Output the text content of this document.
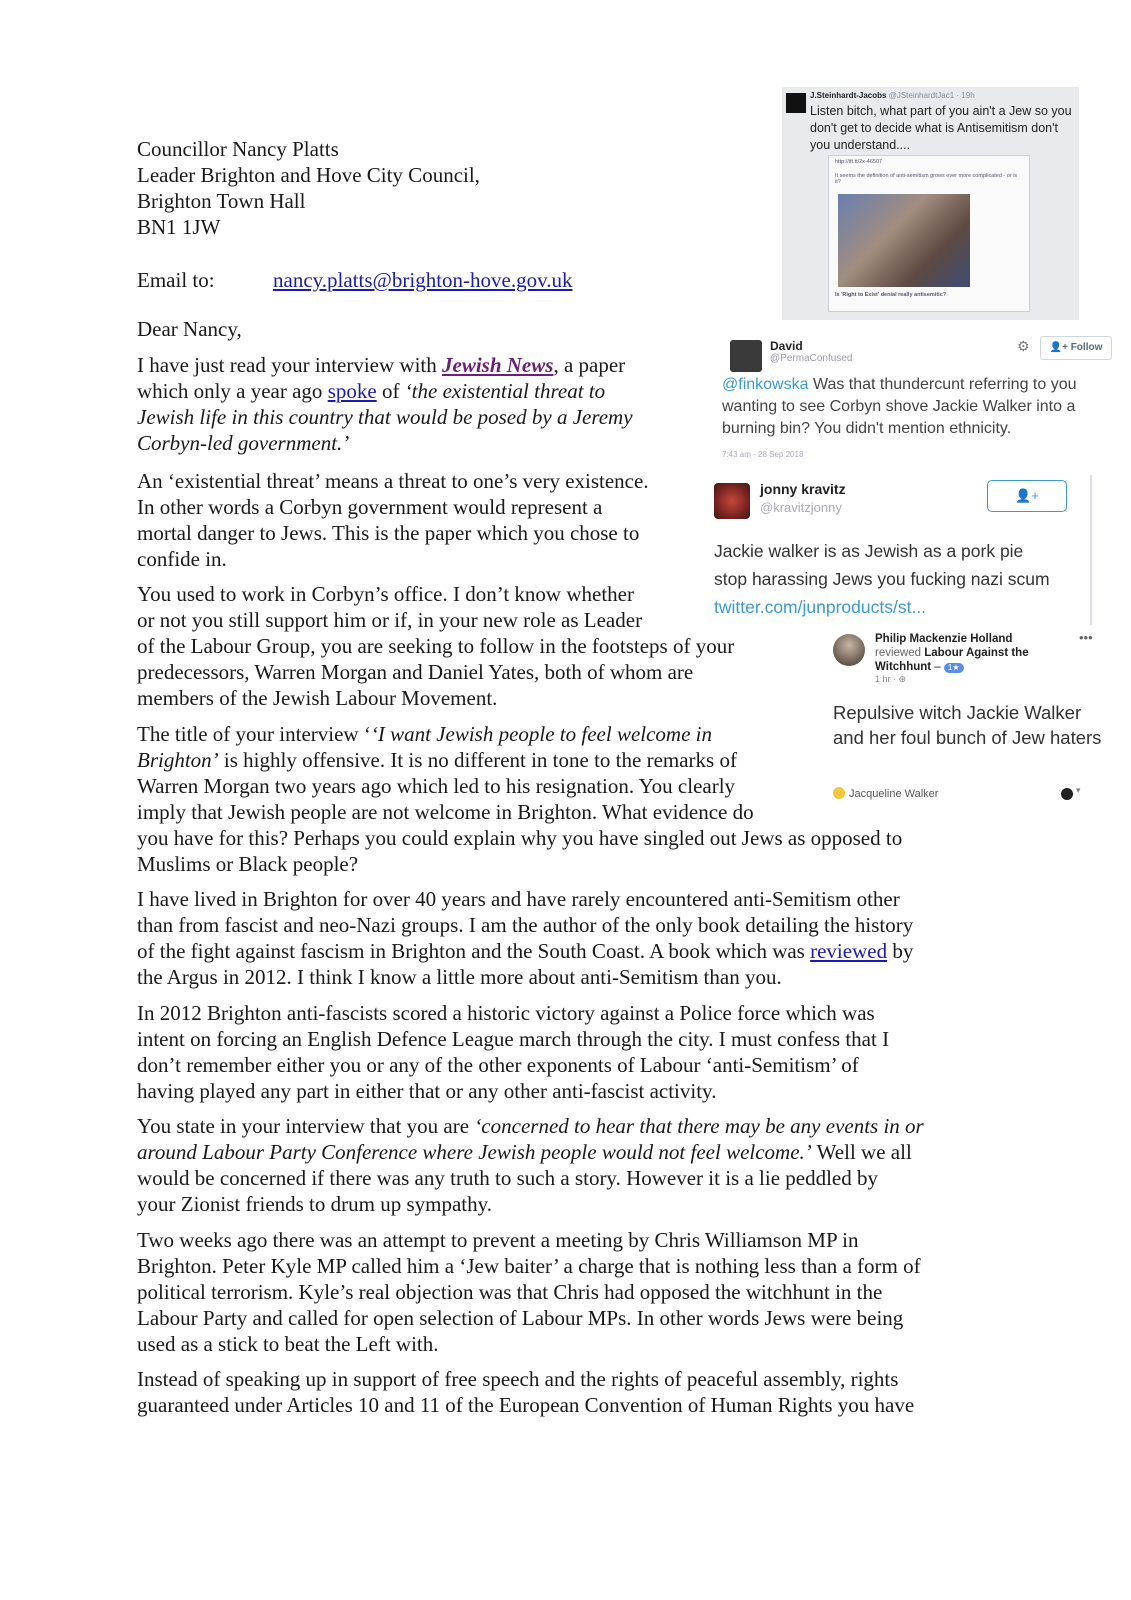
Councillor Nancy Platts
Leader Brighton and Hove City Council,
Brighton Town Hall
BN1 1JW
Email to:	nancy.platts@brighton-hove.gov.uk
Dear Nancy,
I have just read your interview with Jewish News, a paper
which only a year ago spoke of ‘the existential threat to
Jewish life in this country that would be posed by a Jeremy
Corbyn-led government.’
An ‘existential threat’ means a threat to one’s very existence.
In other words a Corbyn government would represent a
mortal danger to Jews. This is the paper which you chose to
confide in.
You used to work in Corbyn’s office. I don’t know whether
or not you still support him or if, in your new role as Leader
of the Labour Group, you are seeking to follow in the footsteps of your
predecessors, Warren Morgan and Daniel Yates, both of whom are
members of the Jewish Labour Movement.
The title of your interview ‘‘I want Jewish people to feel welcome in
Brighton’ is highly offensive. It is no different in tone to the remarks of
Warren Morgan two years ago which led to his resignation. You clearly
imply that Jewish people are not welcome in Brighton. What evidence do
you have for this? Perhaps you could explain why you have singled out Jews as opposed to
Muslims or Black people?
I have lived in Brighton for over 40 years and have rarely encountered anti-Semitism other
than from fascist and neo-Nazi groups. I am the author of the only book detailing the history
of the fight against fascism in Brighton and the South Coast. A book which was reviewed by
the Argus in 2012. I think I know a little more about anti-Semitism than you.
In 2012 Brighton anti-fascists scored a historic victory against a Police force which was
intent on forcing an English Defence League march through the city. I must confess that I
don’t remember either you or any of the other exponents of Labour ‘anti-Semitism’ of
having played any part in either that or any other anti-fascist activity.
You state in your interview that you are ‘concerned to hear that there may be any events in or
around Labour Party Conference where Jewish people would not feel welcome.’ Well we all
would be concerned if there was any truth to such a story. However it is a lie peddled by
your Zionist friends to drum up sympathy.
Two weeks ago there was an attempt to prevent a meeting by Chris Williamson MP in
Brighton. Peter Kyle MP called him a ‘Jew baiter’ a charge that is nothing less than a form of
political terrorism. Kyle’s real objection was that Chris had opposed the witchhunt in the
Labour Party and called for open selection of Labour MPs. In other words Jews were being
used as a stick to beat the Left with.
Instead of speaking up in support of free speech and the rights of peaceful assembly, rights
guaranteed under Articles 10 and 11 of the European Convention of Human Rights you have
J.Steinhardt-Jacobs @JSteinhardtJac1 · 19h
Listen bitch, what part of you ain't a Jew so you don't get to decide what is Antisemitism don't you understand....
http://ift.tt/2x-46507
It seems the definition of anti-semitism grows ever more complicated - or is it?
Is 'Right to Exist' denial really antisemitic?
David
@PermaConfused
⚙	👤+ Follow
@finkowska Was that thundercunt referring to you wanting to see Corbyn shove Jackie Walker into a burning bin? You didn't mention ethnicity.
7:43 am - 28 Sep 2018
jonny kravitz
@kravitzjonny
👤+
Jackie walker is as Jewish as a pork pie
stop harassing Jews you fucking nazi scum
twitter.com/junproducts/st...
Philip Mackenzie Holland
reviewed Labour Against the Witchhunt – 1★
1 hr · ⊕
•••
Repulsive witch Jackie Walker and her foul bunch of Jew haters
Jacqueline Walker	▾
